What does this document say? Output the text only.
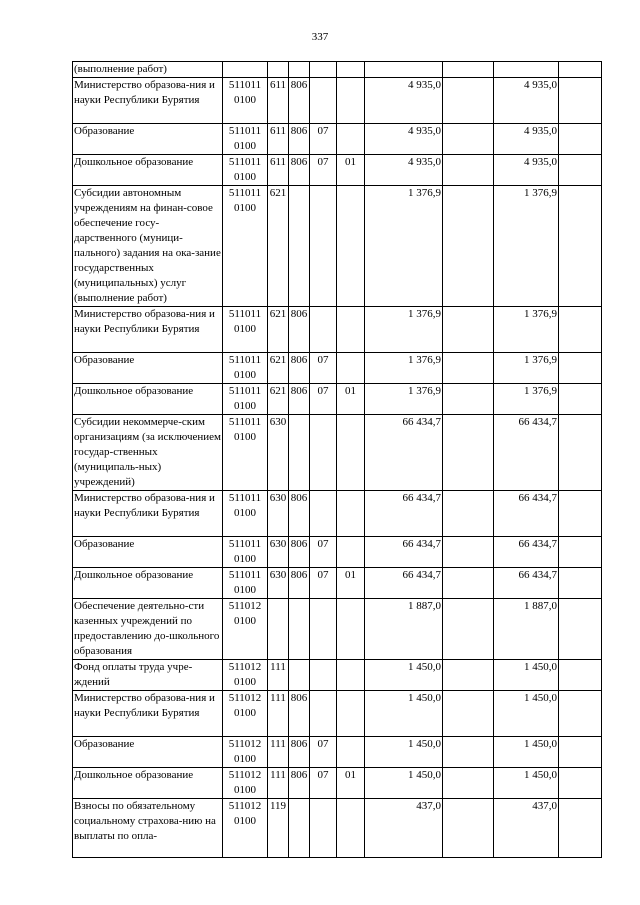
337
(выполнение работ)									
Министерство образова-ния и науки Республики Бурятия	511011 0100	611	806			4 935,0		4 935,0	
Образование	511011 0100	611	806	07		4 935,0		4 935,0	
Дошкольное образование	511011 0100	611	806	07	01	4 935,0		4 935,0	
Субсидии автономным учреждениям на финан-совое обеспечение госу-дарственного (муници-пального) задания на ока-зание государственных (муниципальных) услуг (выполнение работ)	511011 0100	621				1 376,9		1 376,9	
Министерство образова-ния и науки Республики Бурятия	511011 0100	621	806			1 376,9		1 376,9	
Образование	511011 0100	621	806	07		1 376,9		1 376,9	
Дошкольное образование	511011 0100	621	806	07	01	1 376,9		1 376,9	
Субсидии некоммерче-ским организациям (за исключением государ-ственных (муниципаль-ных) учреждений)	511011 0100	630				66 434,7		66 434,7	
Министерство образова-ния и науки Республики Бурятия	511011 0100	630	806			66 434,7		66 434,7	
Образование	511011 0100	630	806	07		66 434,7		66 434,7	
Дошкольное образование	511011 0100	630	806	07	01	66 434,7		66 434,7	
Обеспечение деятельно-сти казенных учреждений по предоставлению до-школьного образования	511012 0100					1 887,0		1 887,0	
Фонд оплаты труда учре-ждений	511012 0100	111				1 450,0		1 450,0	
Министерство образова-ния и науки Республики Бурятия	511012 0100	111	806			1 450,0		1 450,0	
Образование	511012 0100	111	806	07		1 450,0		1 450,0	
Дошкольное образование	511012 0100	111	806	07	01	1 450,0		1 450,0	
Взносы по обязательному социальному страхова-нию на выплаты по опла-	511012 0100	119				437,0		437,0	
